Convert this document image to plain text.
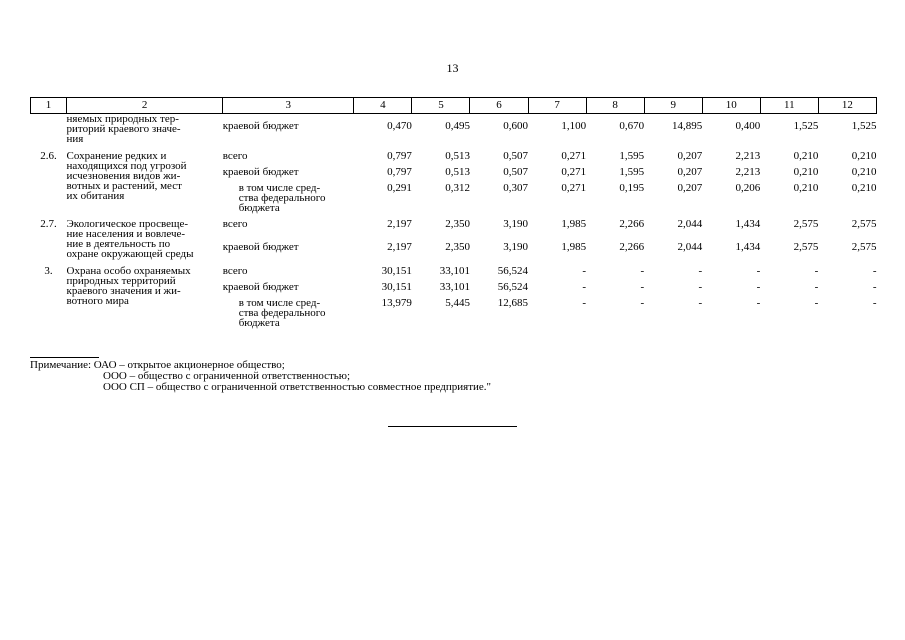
13
1	2	3	4	5	6	7	8	9	10	11	12

	няемых природных тер-
риторий краевого значе-
ния	краевой бюджет	0,470	0,495	0,600	1,100	0,670	14,895	0,400	1,525	1,525
2.6.	Сохранение редких и
находящихся под угрозой
исчезновения видов жи-
вотных и растений, мест
их обитания	всего	0,797	0,513	0,507	0,271	1,595	0,207	2,213	0,210	0,210

		краевой бюджет	0,797	0,513	0,507	0,271	1,595	0,207	2,213	0,210	0,210

		в том числе сред-
ства федерального
бюджета	0,291	0,312	0,307	0,271	0,195	0,207	0,206	0,210	0,210
2.7.	Экологическое просвеще-
ние населения и вовлече-
ние в деятельность по
охране окружающей среды	всего	2,197	2,350	3,190	1,985	2,266	2,044	1,434	2,575	2,575

		краевой бюджет	2,197	2,350	3,190	1,985	2,266	2,044	1,434	2,575	2,575
3.	Охрана особо охраняемых
природных территорий
краевого значения и жи-
вотного мира	всего	30,151	33,101	56,524	-	-	-	-	-	-

		краевой бюджет	30,151	33,101	56,524	-	-	-	-	-	-

		в том числе сред-
ства федерального
бюджета	13,979	5,445	12,685	-	-	-	-	-	-
Примечание: ОАО – открытое акционерное общество;
ООО – общество с ограниченной ответственностью;
ООО СП – общество с ограниченной ответственностью совместное предприятие."
